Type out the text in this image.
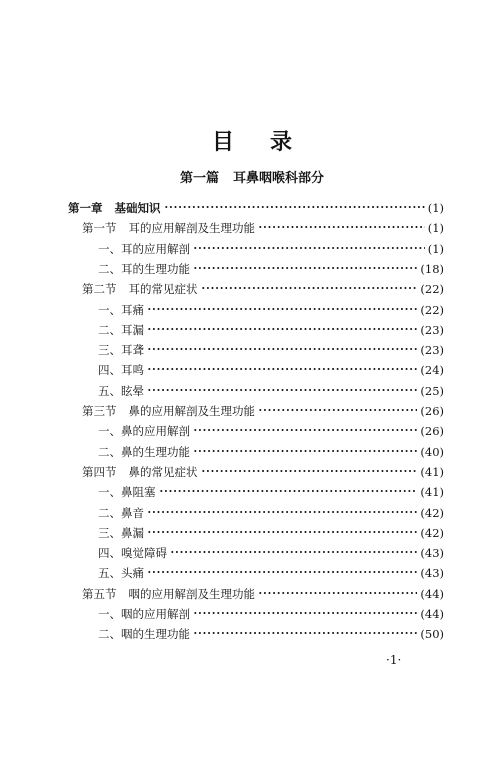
目 录
第一篇 耳鼻咽喉科部分
第一章 基础知识	(1)
第一节 耳的应用解剖及生理功能	(1)
一、耳的应用解剖	(1)
二、耳的生理功能	(18)
第二节 耳的常见症状	(22)
一、耳痛	(22)
二、耳漏	(23)
三、耳聋	(23)
四、耳鸣	(24)
五、眩晕	(25)
第三节 鼻的应用解剖及生理功能	(26)
一、鼻的应用解剖	(26)
二、鼻的生理功能	(40)
第四节 鼻的常见症状	(41)
一、鼻阻塞	(41)
二、鼻音	(42)
三、鼻漏	(42)
四、嗅觉障碍	(43)
五、头痛	(43)
第五节 咽的应用解剖及生理功能	(44)
一、咽的应用解剖	(44)
二、咽的生理功能	(50)
·1·
